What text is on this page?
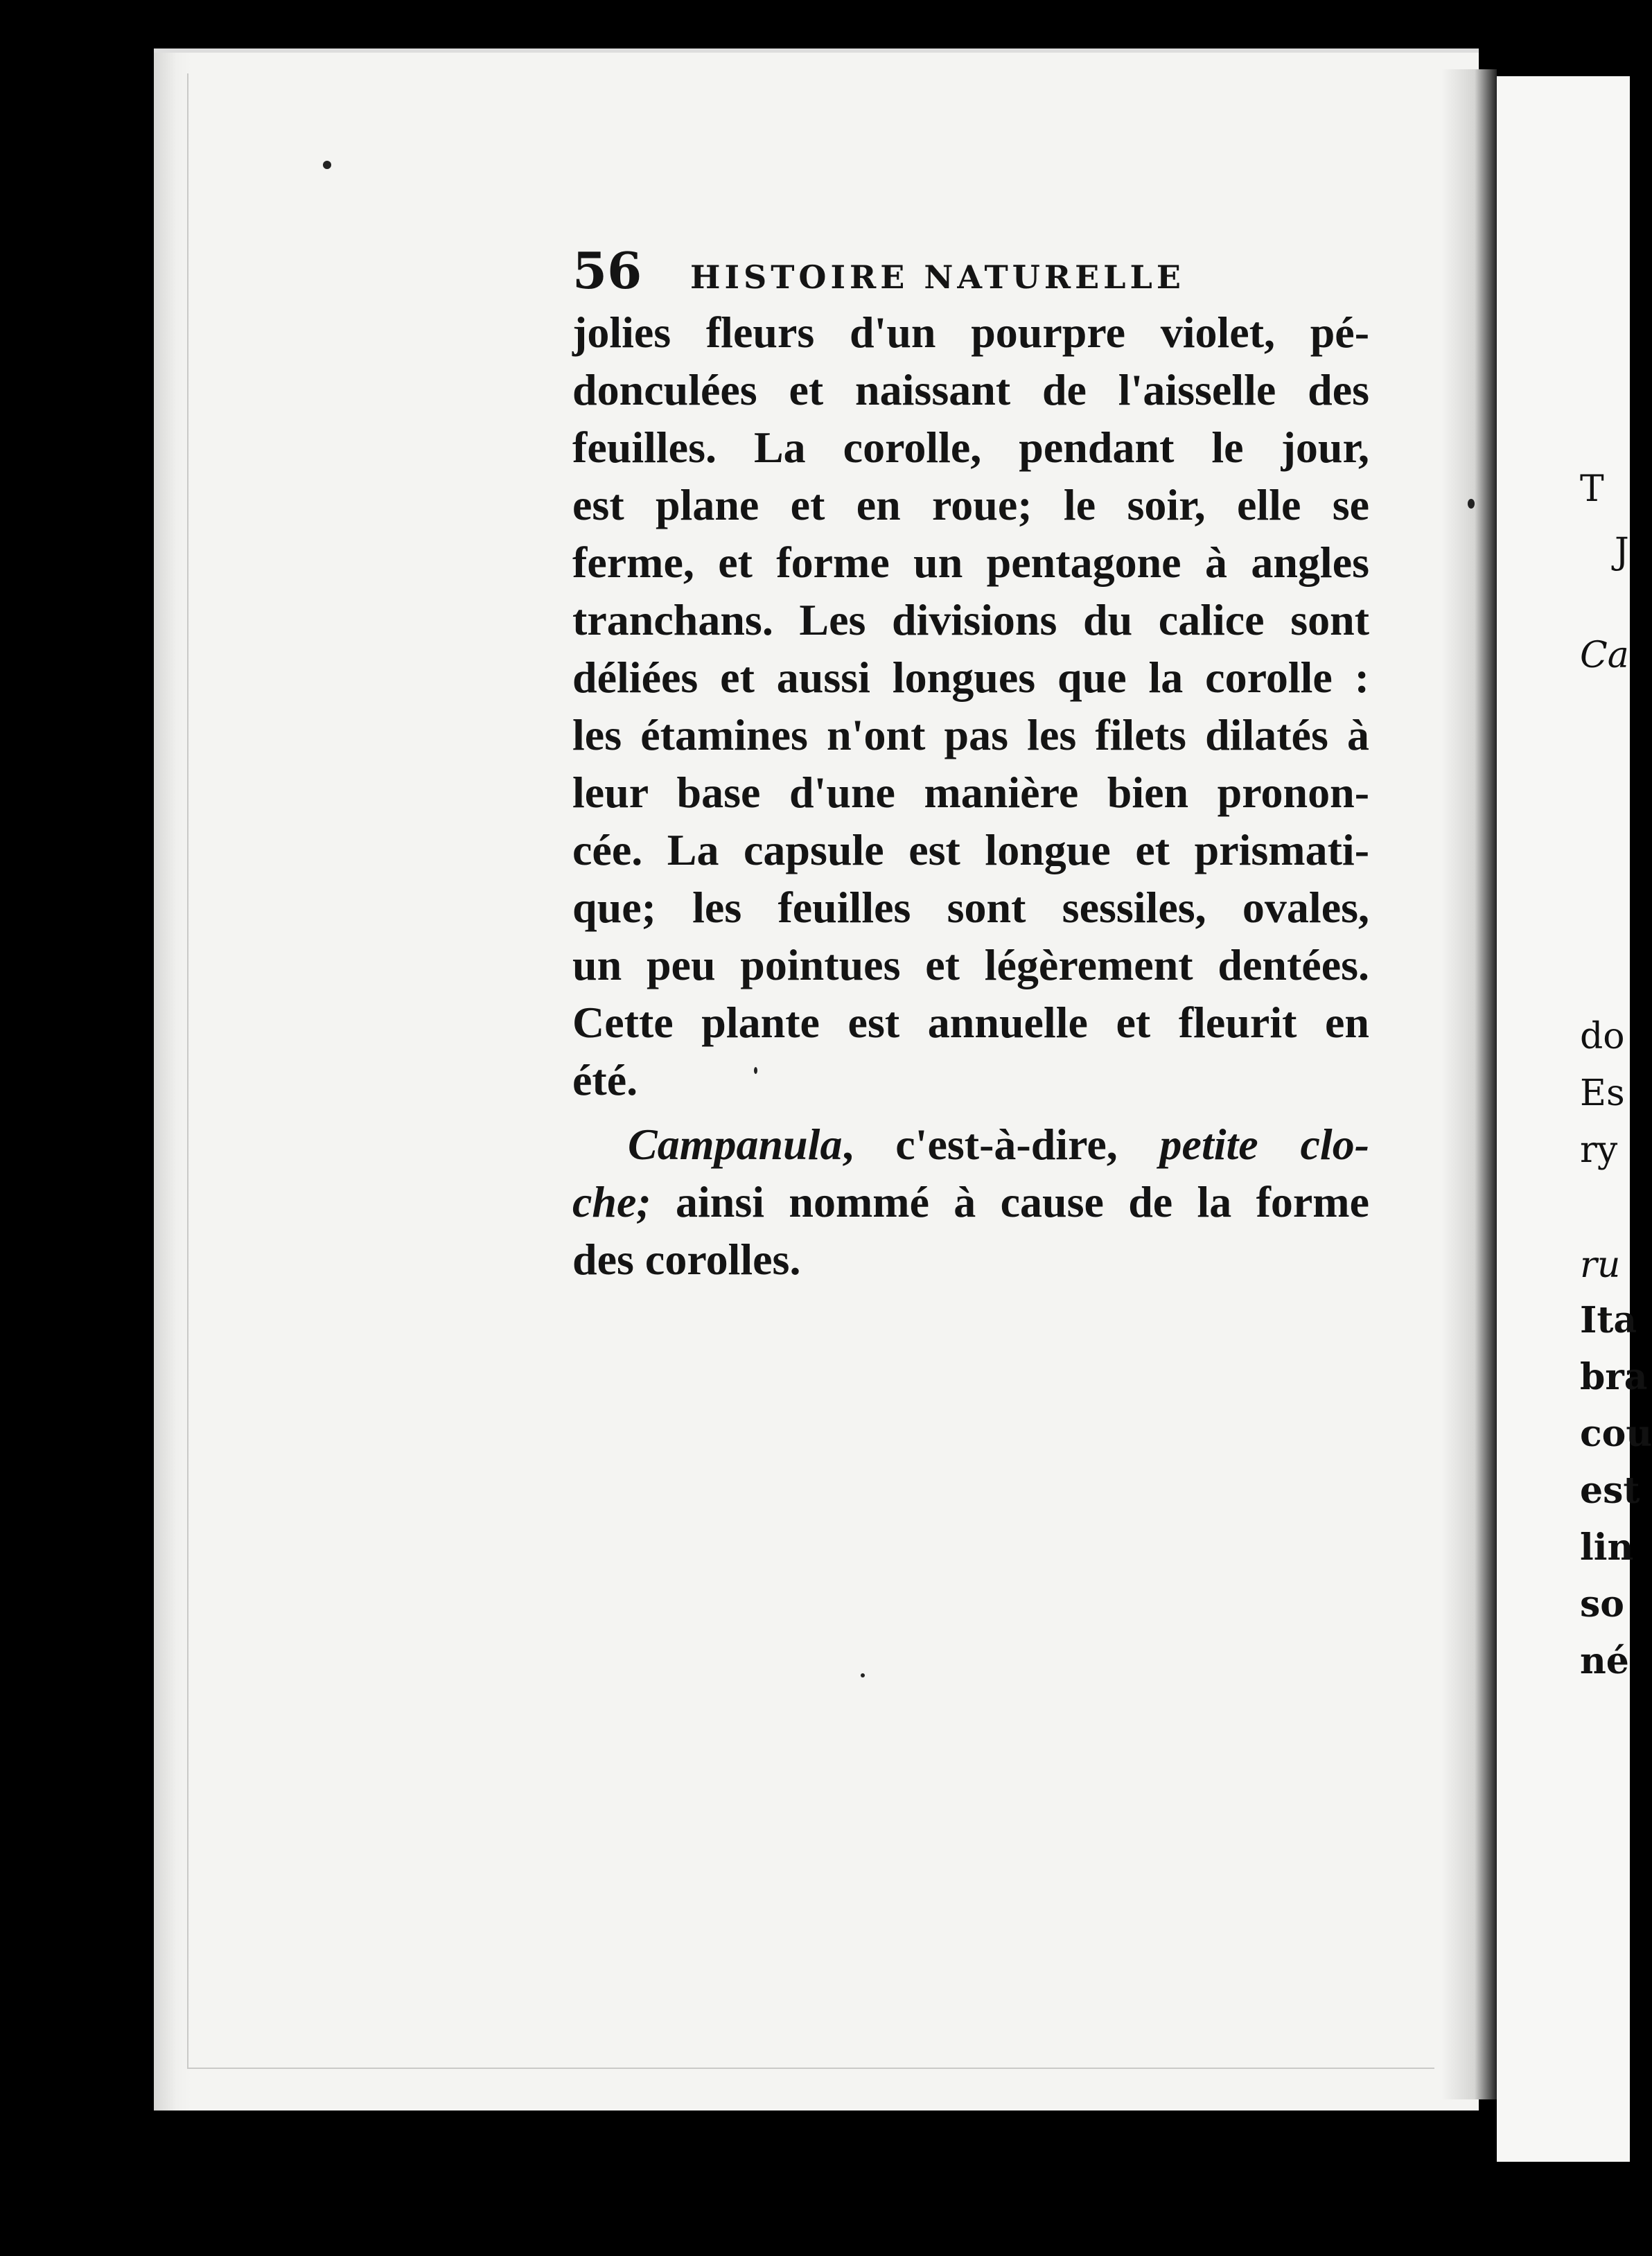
T
J
Ca
do
Es
ry
ru
Ita
bra
cou
est
lin
so
né
56	HISTOIRE NATURELLE

jolies fleurs d'un pourpre violet, pé-
donculées et naissant de l'aisselle des
feuilles. La corolle, pendant le jour,
est plane et en roue; le soir, elle se
ferme, et forme un pentagone à angles
tranchans. Les divisions du calice sont
déliées et aussi longues que la corolle :
les étamines n'ont pas les filets dilatés à
leur base d'une manière bien pronon-
cée. La capsule est longue et prismati-
que; les feuilles sont sessiles, ovales,
un peu pointues et légèrement dentées.
Cette plante est annuelle et fleurit en
été.

Campanula, c'est-à-dire, petite clo-
che; ainsi nommé à cause de la forme
des corolles.
